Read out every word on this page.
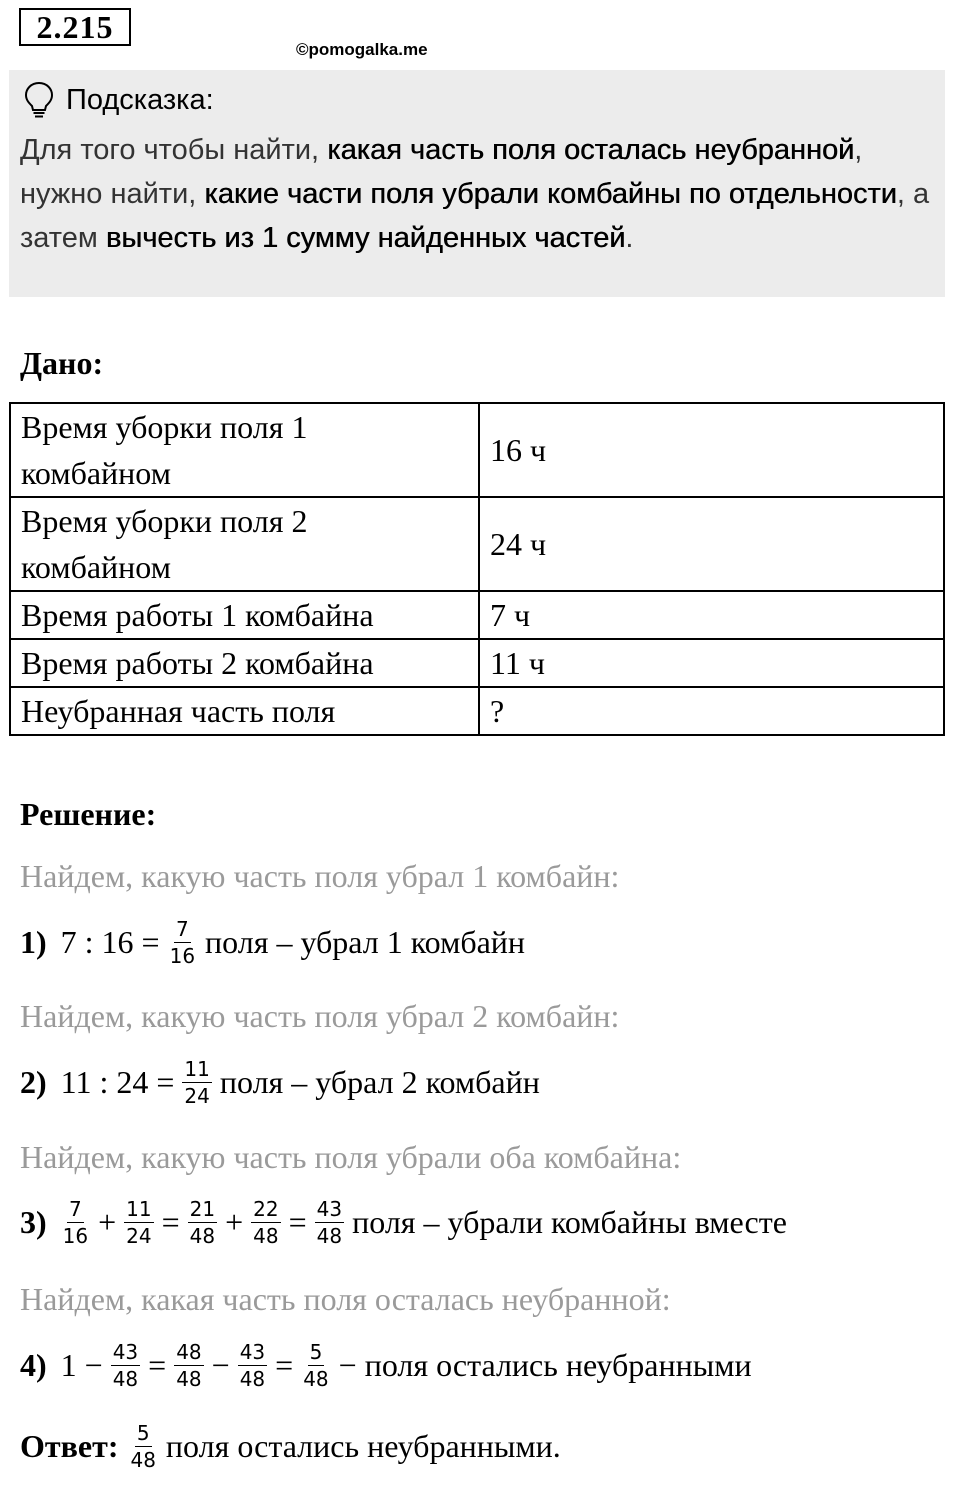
2.215
©pomogalka.me
Подсказка:
Для того чтобы найти, какая часть поля осталась неубранной, нужно найти, какие части поля убрали комбайны по отдельности, а затем вычесть из 1 сумму найденных частей.
Дано:
Время уборки поля 1
комбайном	16 ч
Время уборки поля 2
комбайном	24 ч
Время работы 1 комбайна	7 ч
Время работы 2 комбайна	11 ч
Неубранная часть поля	?
Решение:
Найдем, какую часть поля убрал 1 комбайн:
1) 7 : $16 = \frac{7}{16}$ поля – убрал 1 комбайн
Найдем, какую часть поля убрал 2 комбайн:
2) 11 : $24 = \frac{11}{24}$ поля – убрал 2 комбайн
Найдем, какую часть поля убрали оба комбайна:
$3) \frac{7}{16} + \frac{11}{24} = \frac{21}{48} + \frac{22}{48} = \frac{43}{48}$ поля – убрали комбайны вместе
Найдем, какая часть поля осталась неубранной:
4) $1 - \frac{43}{48} = \frac{48}{48} - \frac{43}{48} = \frac{5}{48}$ − поля остались неубранными
Ответ: $\frac{5}{48}$ поля остались неубранными.
